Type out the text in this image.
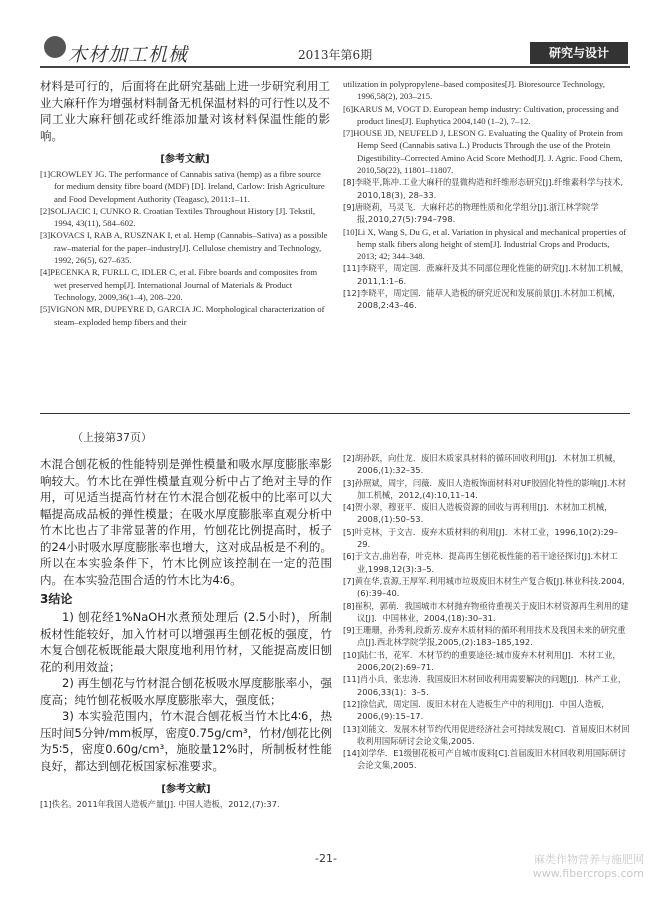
木材加工机械	2013年第6期	研究与设计
材料是可行的，后面将在此研究基础上进一步研究利用工业大麻秆作为增强材料制备无机保温材料的可行性以及不同工业大麻秆刨花或纤维添加量对该材料保温性能的影响。
[参考文献]

[1]CROWLEY JG. The performance of Cannabis sativa (hemp) as a fibre source for medium density fibre board (MDF) [D]. Ireland, Carlow: Irish Agriculture and Food Development Authority (Teagasc), 2011:1–11.

[2]SOLJACIC I, CUNKO R. Croatian Textiles Throughout History [J]. Tekstil, 1994, 43(11), 584–602.

[3]KOVACS I, RAB A, RUSZNAK I, et al. Hemp (Cannabis–Sativa) as a possible raw–material for the paper–industry[J]. Cellulose chemistry and Technology, 1992, 26(5), 627–635.

[4]PECENKA R, FURLL C, IDLER C, et al. Fibre boards and composites from wet preserved hemp[J]. International Journal of Materials & Product Technology, 2009,36(1–4), 208–220.

[5]VIGNON MR, DUPEYRE D, GARCIA JC. Morphological characterization of steam–exploded hemp fibers and their

utilization in polypropylene–based composites[J]. Bioresource Technology, 1996,58(2), 203–215.

[6]KARUS M, VOGT D. European hemp industry: Cultivation, processing and product lines[J]. Euphytica 2004,140 (1–2), 7–12.

[7]HOUSE JD, NEUFELD J, LESON G. Evaluating the Quality of Protein from Hemp Seed (Cannabis sativa L.) Products Through the use of the Protein Digestibility–Corrected Amino Acid Score Method[J]. J. Agric. Food Chem, 2010,58(22), 11801–11807.

[8]李晓平,陈冲.工业大麻秆的显微构造和纤维形态研究[J].纤维素科学与技术, 2010,18(3), 28–33.

[9]唐晓莉，马灵飞．大麻秆芯的物理性质和化学组分[J].浙江林学院学报,2010,27(5):794–798.

[10]Li X, Wang S, Du G, et al. Variation in physical and mechanical properties of hemp stalk fibers along height of stem[J]. Industrial Crops and Products, 2013; 42; 344–348.

[11]李晓平，周定国．蔗麻秆及其不同部位理化性能的研究[J].木材加工机械，2011,1:1–6.

[12]李晓平，周定国．能草人造板的研究近况和发展前景[J].木材加工机械，2008,2:43–46.

（上接第37页）
木混合刨花板的性能特别是弹性模量和吸水厚度膨胀率影响较大。竹木比在弹性模量直观分析中占了绝对主导的作用，可见适当提高竹材在竹木混合刨花板中的比率可以大幅提高成品板的弹性模量；在吸水厚度膨胀率直观分析中竹木比也占了非常显著的作用，竹刨花比例提高时，板子的24小时吸水厚度膨胀率也增大，这对成品板是不利的。所以在本实验条件下，竹木比例应该控制在一定的范围内。在本实验范围合适的竹木比为4∶6。
3结论
1) 刨花经1%NaOH水煮预处理后 (2.5小时)，所制板材性能较好，加入竹材可以增强再生刨花板的强度，竹木复合刨花板既能最大限度地利用竹材，又能提高废旧刨花的利用效益；
2) 再生刨花与竹材混合刨花板吸水厚度膨胀率小，强度高；纯竹刨花板吸水厚度膨胀率大，强度低；
3) 本实验范围内，竹木混合刨花板当竹木比4∶6，热压时间5分钟/mm板厚，密度0.75g/cm³，竹材/刨花比例为5∶5，密度0.60g/cm³，施胶量12%时，所制板材性能良好，都达到刨花板国家标准要求。
[参考文献]

[1]佚名。2011年我国人造板产量[J]. 中国人造板，2012,(7):37.

[2]胡孙跃，向仕龙．废旧木质家具材料的循环回收利用[J]．木材加工机械，2006,(1):32–35.

[3]孙照斌，周宇，闫薇．废旧人造板饰面材料对UF胶固化特性的影响[J].木材加工机械，2012,(4):10,11–14.

[4]贺小翠，穆亚平．废旧人造板资源的回收与再利用[J]．木材加工机械，2008,(1):50–53.

[5]叶克林，于文吉．废弃木质材料的利用[J]．木材工业，1996,10(2):29–29.

[6]于文吉,曲岩春，叶克林．提高再生刨花板性能的若干途径探讨[J].木材工业,1998,12(3):3–5.

[7]黄在华,袁源,王厚军.利用城市垃圾废旧木材生产复合板[J].林业科技.2004,(6):39–40.

[8]崔积，郭萌．我国城市木材抛弃物亟待重视关于废旧木材资源再生利用的建议[J]．中国林业，2004,(18):30–31.

[9]王珊珊，孙秀利,段新芳.废弃木质材料的循环利用技术及我国未来的研究重点[J].西北林学院学报,2005,(2):183–185,192.

[10]陆仁书，花军．木材节约的重要途径:城市废弃木材利用[J]．木材工业，2006,20(2):69–71.

[11]肖小兵，张忠涛．我国废旧木材回收利用需要解决的问题[J]．林产工业，2006,33(1)：3–5.

[12]徐信武，周定国．废旧木材在人造板生产中的利用[J]．中国人造板，2006,(9):15–17.

[13]刘能文．发展木材节约代用促进经济社会可持续发展[C]．首届废旧木材回收利用国际研讨会论文集,2005.

[14]刘学华．E1级刨花板可产自城市废料[C].首届废旧木材回收利用国际研讨会论文集,2005.

-21-	麻类作物营养与施肥网
www.fibercrops.com
